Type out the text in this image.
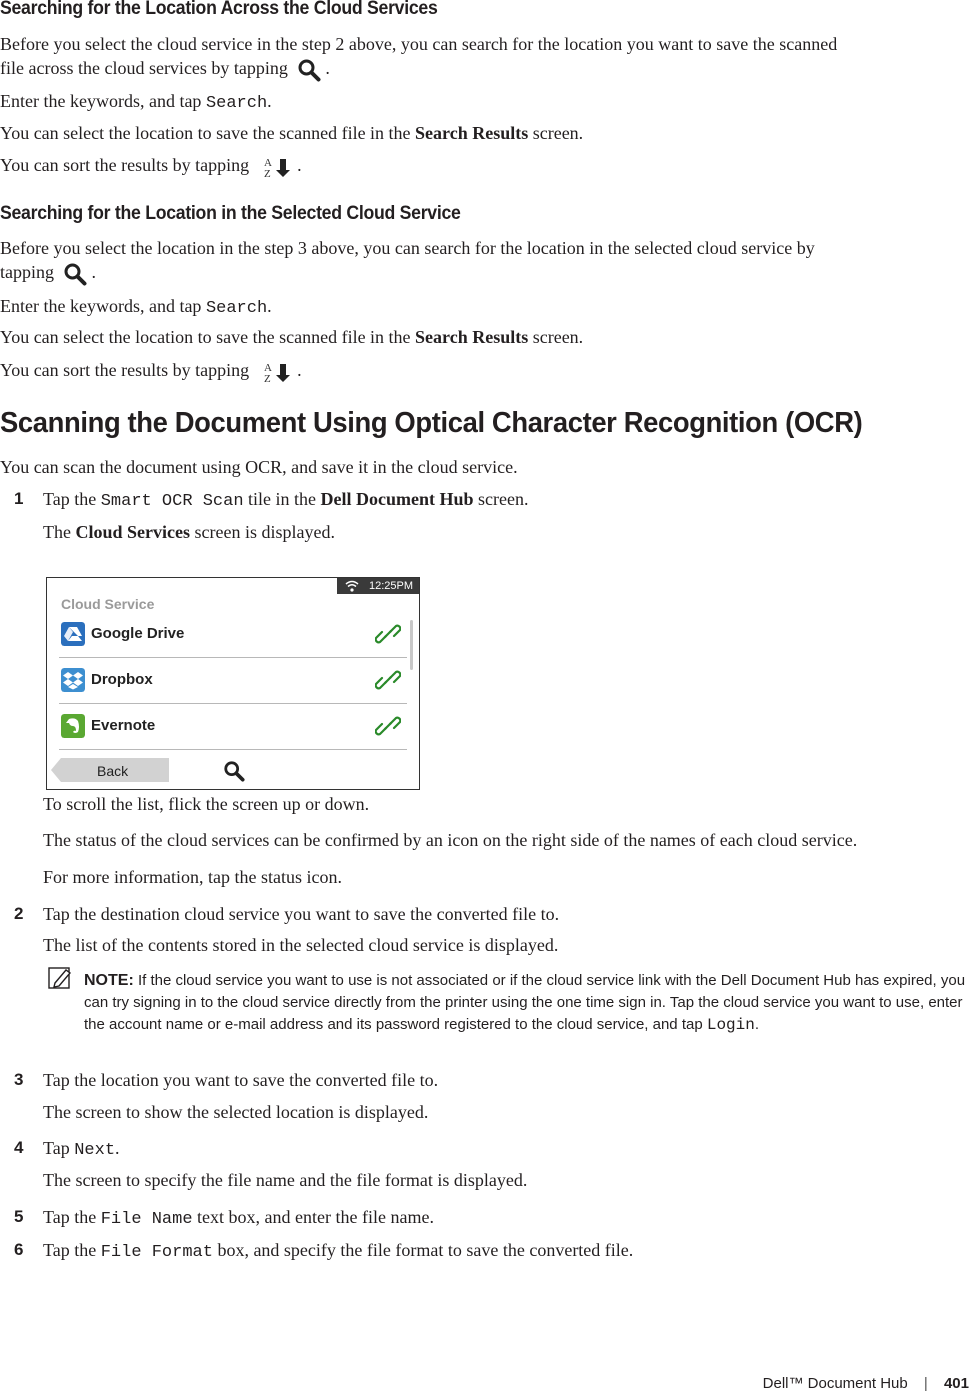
Searching for the Location Across the Cloud Services
Before you select the cloud service in the step 2 above, you can search for the location you want to save the scanned
file across the cloud services by tapping   .
Enter the keywords, and tap Search.
You can select the location to save the scanned file in the Search Results screen.
You can sort the results by tapping    .
Searching for the Location in the Selected Cloud Service
Before you select the location in the step 3 above, you can search for the location in the selected cloud service by
tapping   .
Enter the keywords, and tap Search.
You can select the location to save the scanned file in the Search Results screen.
You can sort the results by tapping    .
Scanning the Document Using Optical Character Recognition (OCR)
You can scan the document using OCR, and save it in the cloud service.
1 Tap the Smart OCR Scan tile in the Dell Document Hub screen.
The Cloud Services screen is displayed.
12:25PM
Cloud Service
Google Drive
Dropbox
Evernote
Back
To scroll the list, flick the screen up or down.
The status of the cloud services can be confirmed by an icon on the right side of the names of each cloud service.
For more information, tap the status icon.
2 Tap the destination cloud service you want to save the converted file to.
The list of the contents stored in the selected cloud service is displayed.
NOTE: If the cloud service you want to use is not associated or if the cloud service link with the Dell Document Hub has expired, you can try signing in to the cloud service directly from the printer using the one time sign in. Tap the cloud service you want to use, enter the account name or e-mail address and its password registered to the cloud service, and tap Login.
3 Tap the location you want to save the converted file to.
The screen to show the selected location is displayed.
4 Tap Next.
The screen to specify the file name and the file format is displayed.
5 Tap the File Name text box, and enter the file name.
6 Tap the File Format box, and specify the file format to save the converted file.
Dell™ Document Hub | 401
